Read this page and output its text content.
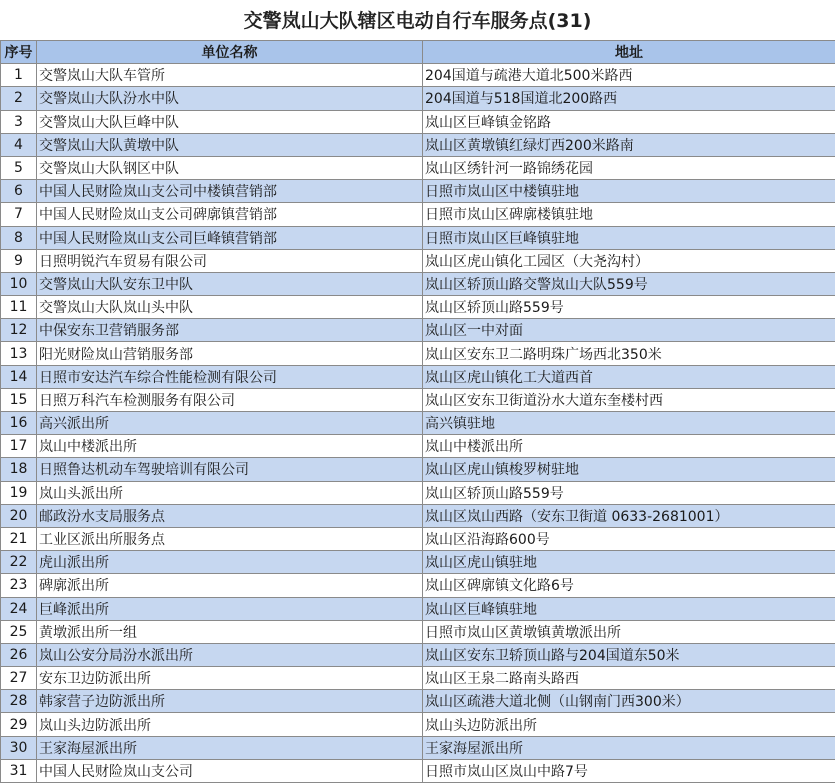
交警岚山大队辖区电动自行车服务点(31)
序号	单位名称	地址
1	交警岚山大队车管所	204国道与疏港大道北500米路西
2	交警岚山大队汾水中队	204国道与518国道北200路西
3	交警岚山大队巨峰中队	岚山区巨峰镇金铭路
4	交警岚山大队黄墩中队	岚山区黄墩镇红绿灯西200米路南
5	交警岚山大队钢区中队	岚山区绣针河一路锦绣花园
6	中国人民财险岚山支公司中楼镇营销部	日照市岚山区中楼镇驻地
7	中国人民财险岚山支公司碑廓镇营销部	日照市岚山区碑廓楼镇驻地
8	中国人民财险岚山支公司巨峰镇营销部	日照市岚山区巨峰镇驻地
9	日照明锐汽车贸易有限公司	岚山区虎山镇化工园区（大尧沟村）
10	交警岚山大队安东卫中队	岚山区轿顶山路交警岚山大队559号
11	交警岚山大队岚山头中队	岚山区轿顶山路559号
12	中保安东卫营销服务部	岚山区一中对面
13	阳光财险岚山营销服务部	岚山区安东卫二路明珠广场西北350米
14	日照市安达汽车综合性能检测有限公司	岚山区虎山镇化工大道西首
15	日照万科汽车检测服务有限公司	岚山区安东卫街道汾水大道东奎楼村西
16	高兴派出所	高兴镇驻地
17	岚山中楼派出所	岚山中楼派出所
18	日照鲁达机动车驾驶培训有限公司	岚山区虎山镇梭罗树驻地
19	岚山头派出所	岚山区轿顶山路559号
20	邮政汾水支局服务点	岚山区岚山西路（安东卫街道 0633-2681001）
21	工业区派出所服务点	岚山区沿海路600号
22	虎山派出所	岚山区虎山镇驻地
23	碑廓派出所	岚山区碑廓镇文化路6号
24	巨峰派出所	岚山区巨峰镇驻地
25	黄墩派出所一组	日照市岚山区黄墩镇黄墩派出所
26	岚山公安分局汾水派出所	岚山区安东卫轿顶山路与204国道东50米
27	安东卫边防派出所	岚山区王泉二路南头路西
28	韩家营子边防派出所	岚山区疏港大道北侧（山钢南门西300米）
29	岚山头边防派出所	岚山头边防派出所
30	王家海屋派出所	王家海屋派出所
31	中国人民财险岚山支公司	日照市岚山区岚山中路7号
